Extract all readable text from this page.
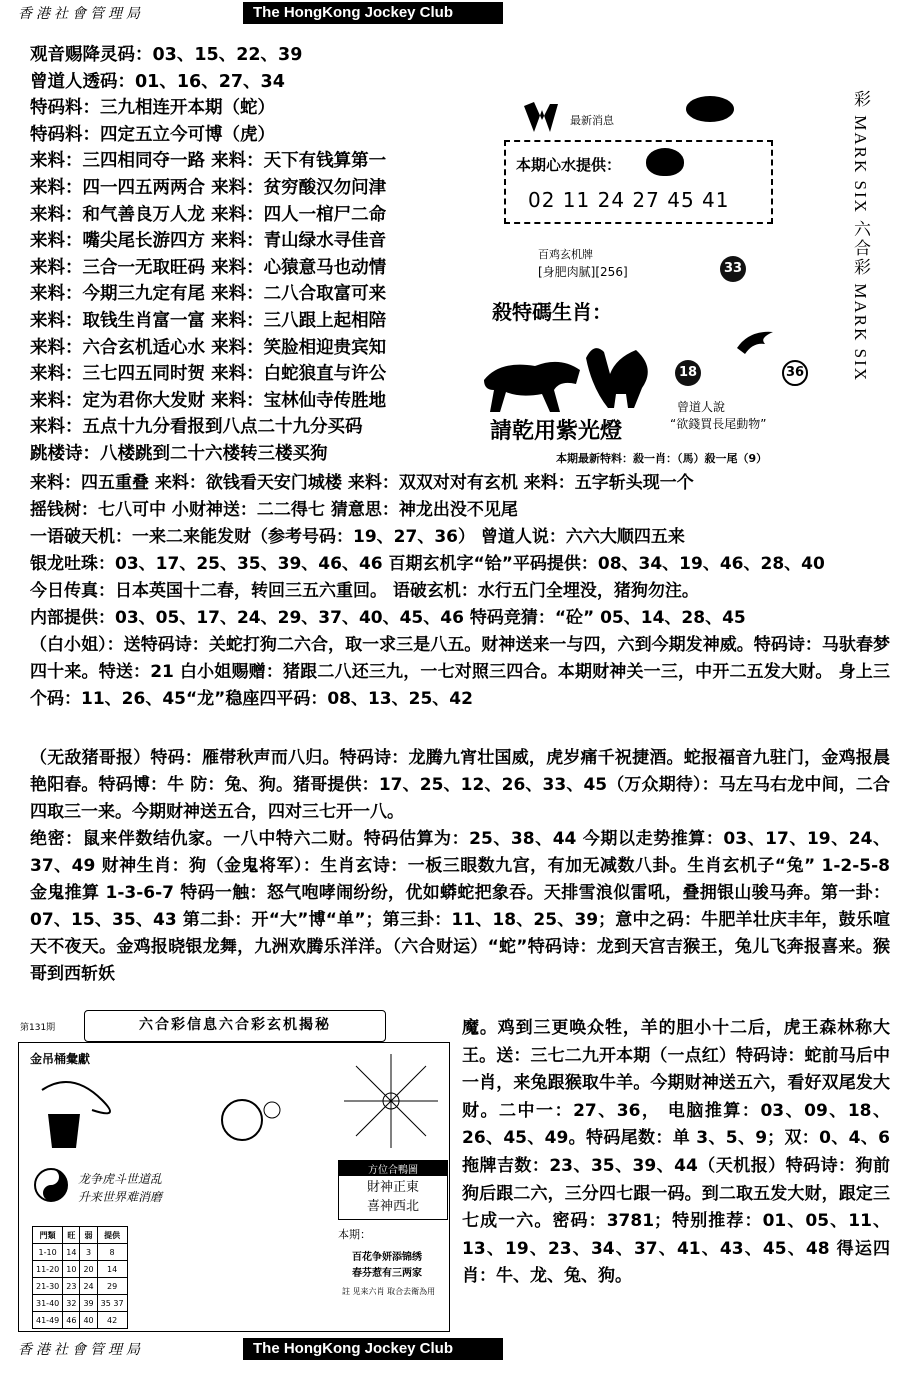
香港社會管理局	The HongKong Jockey Club
观音赐降灵码：03、15、22、39
曾道人透码：01、16、27、34
特码料：三九相连开本期（蛇）
特码料：四定五立今可博（虎）
来料：三四相同夺一路 来料：天下有钱算第一
来料：四一四五两两合 来料：贫穷酸汉勿问津
来料：和气善良万人龙 来料：四人一棺尸二命
来料：嘴尖尾长游四方 来料：青山绿水寻佳音
来料：三合一无取旺码 来料：心猿意马也动情
来料：今期三九定有尾 来料：二八合取富可来
来料：取钱生肖富一富 来料：三八跟上起相陪
来料：六合玄机适心水 来料：笑脸相迎贵宾知
来料：三七四五同时贺 来料：白蛇狼直与许公
来料：定为君你大发财 来料：宝林仙寺传胜地
来料：五点十九分看报到八点二十九分买码
跳楼诗：八楼跳到二十六楼转三楼买狗
来料：四五重叠 来料：欲钱看天安门城楼 来料：双双对对有玄机 来料：五字斩头现一个
摇钱树：七八可中 小财神送：二二得七 猜意思：神龙出没不见尾
一语破天机：一来二来能发财（参考号码：19、27、36） 曾道人说：六六大顺四五来
银龙吐珠：03、17、25、35、39、46、46 百期玄机字“铪”平码提供：08、34、19、46、28、40
今日传真：日本英国十二春，转回三五六重回。 语破玄机：水行五门全埋没，猪狗勿注。
内部提供：03、05、17、24、29、37、40、45、46 特码竞猜：“砼” 05、14、28、45
彩 MARK SIX 六合彩 MARK SIX
最新消息
本期心水提供：
02 11 24 27 45 41
百鸡玄机牌
[身肥肉腻][256]	33
殺特碼生肖：
18	36
曾道人說
“欲錢買長尾動物”
請乾用紫光燈
本期最新特料：殺一肖：（馬）殺一尾（9）
（白小姐）：送特码诗：关蛇打狗二六合，取一求三是八五。财神送来一与四，六到今期发神威。特码诗：马驮春梦四十来。特送：21 白小姐赐赠：猪跟二八还三九，一七对照三四合。本期财神关一三，中开二五发大财。 身上三个码：11、26、45“龙”稳座四平码：08、13、25、42
（无敌猪哥报）特码：雁帯秋声而八归。特码诗：龙腾九宵壮国威，虎岁痛千祝捷酒。蛇报福音九驻门，金鸡报晨艳阳春。特码博：牛 防：兔、狗。猪哥提供：17、25、12、26、33、45（万众期待）：马左马右龙中间，二合四取三一来。今期财神送五合，四对三七开一八。
绝密：鼠来伴数结仇家。一八中特六二财。特码估算为：25、38、44 今期以走势推算：03、17、19、24、37、49 财神生肖：狗（金鬼将军）：生肖玄诗：一板三眼数九宫，有加无减数八卦。生肖玄机子“兔” 1-2-5-8 金鬼推算 1-3-6-7 特码一触：怒气咆哮闹纷纷，优如蟒蛇把象吞。天排雪浪似雷吼，叠拥银山骏马奔。第一卦：07、15、35、43 第二卦：开“大”博“单”；第三卦：11、18、25、39；意中之码：牛肥羊壮庆丰年，鼓乐喧天不夜天。金鸡报晓银龙舞，九洲欢腾乐洋洋。（六合财运）“蛇”特码诗：龙到天宫吉猴王，兔儿飞奔报喜来。猴哥到西斩妖
第131期	六合彩信息六合彩玄机揭秘
金吊桶彙獻
龙争虎斗世道乱
升来世界难消磨
門類	旺	弱	提供
1-10	14	3	8
11-20	10	20	14
21-30	23	24	29
31-40	32	39	35 37
41-49	46	40	42
方位合鴨圖
財神正東
喜神西北
本期：
百花争妍添锦绣
春芬惹有三两家
註 见来六肖 取合去衛為用
魔。鸡到三更唤众牲，羊的胆小十二后，虎王森林称大王。送：三七二九开本期（一点红）特码诗：蛇前马后中一肖，来兔跟猴取牛羊。今期财神送五六，看好双尾发大财。二中一：27、36， 电脑推算：03、09、18、26、45、49。特码尾数：单 3、5、9；双：0、4、6 拖牌吉数：23、35、39、44（天机报）特码诗：狗前狗后跟二六，三分四七跟一码。到二取五发大财，跟定三七成一六。密码：3781；特别推荐：01、05、11、13、19、23、34、37、41、43、45、48 得运四肖：牛、龙、兔、狗。
香港社會管理局	The HongKong Jockey Club
